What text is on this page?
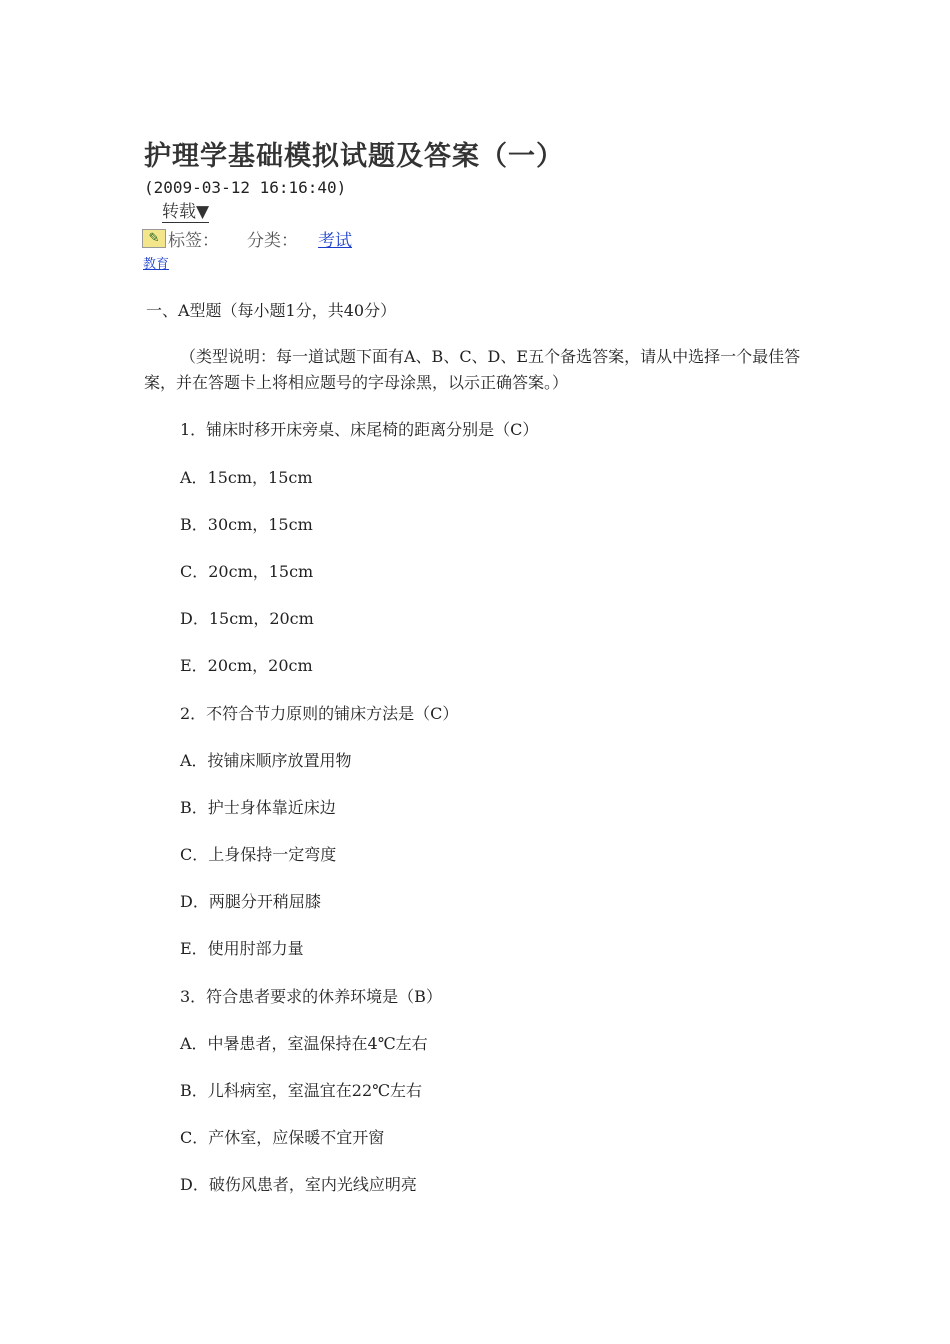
护理学基础模拟试题及答案（一）
(2009-03-12 16:16:40)
转载▼
✎ 标签： 分类： 考试
教育
一、A型题（每小题1分，共40分）

（类型说明：每一道试题下面有A、B、C、D、E五个备选答案，请从中选择一个最佳答案，并在答题卡上将相应题号的字母涂黑，以示正确答案。）

1．铺床时移开床旁桌、床尾椅的距离分别是（C）
A．15cm，15cm
B．30cm，15cm
C．20cm，15cm
D．15cm，20cm
E．20cm，20cm
2．不符合节力原则的铺床方法是（C）
A．按铺床顺序放置用物
B．护士身体靠近床边
C．上身保持一定弯度
D．两腿分开稍屈膝
E．使用肘部力量
3．符合患者要求的休养环境是（B）
A．中暑患者，室温保持在4℃左右
B．儿科病室，室温宜在22℃左右
C．产休室，应保暖不宜开窗
D．破伤风患者，室内光线应明亮
